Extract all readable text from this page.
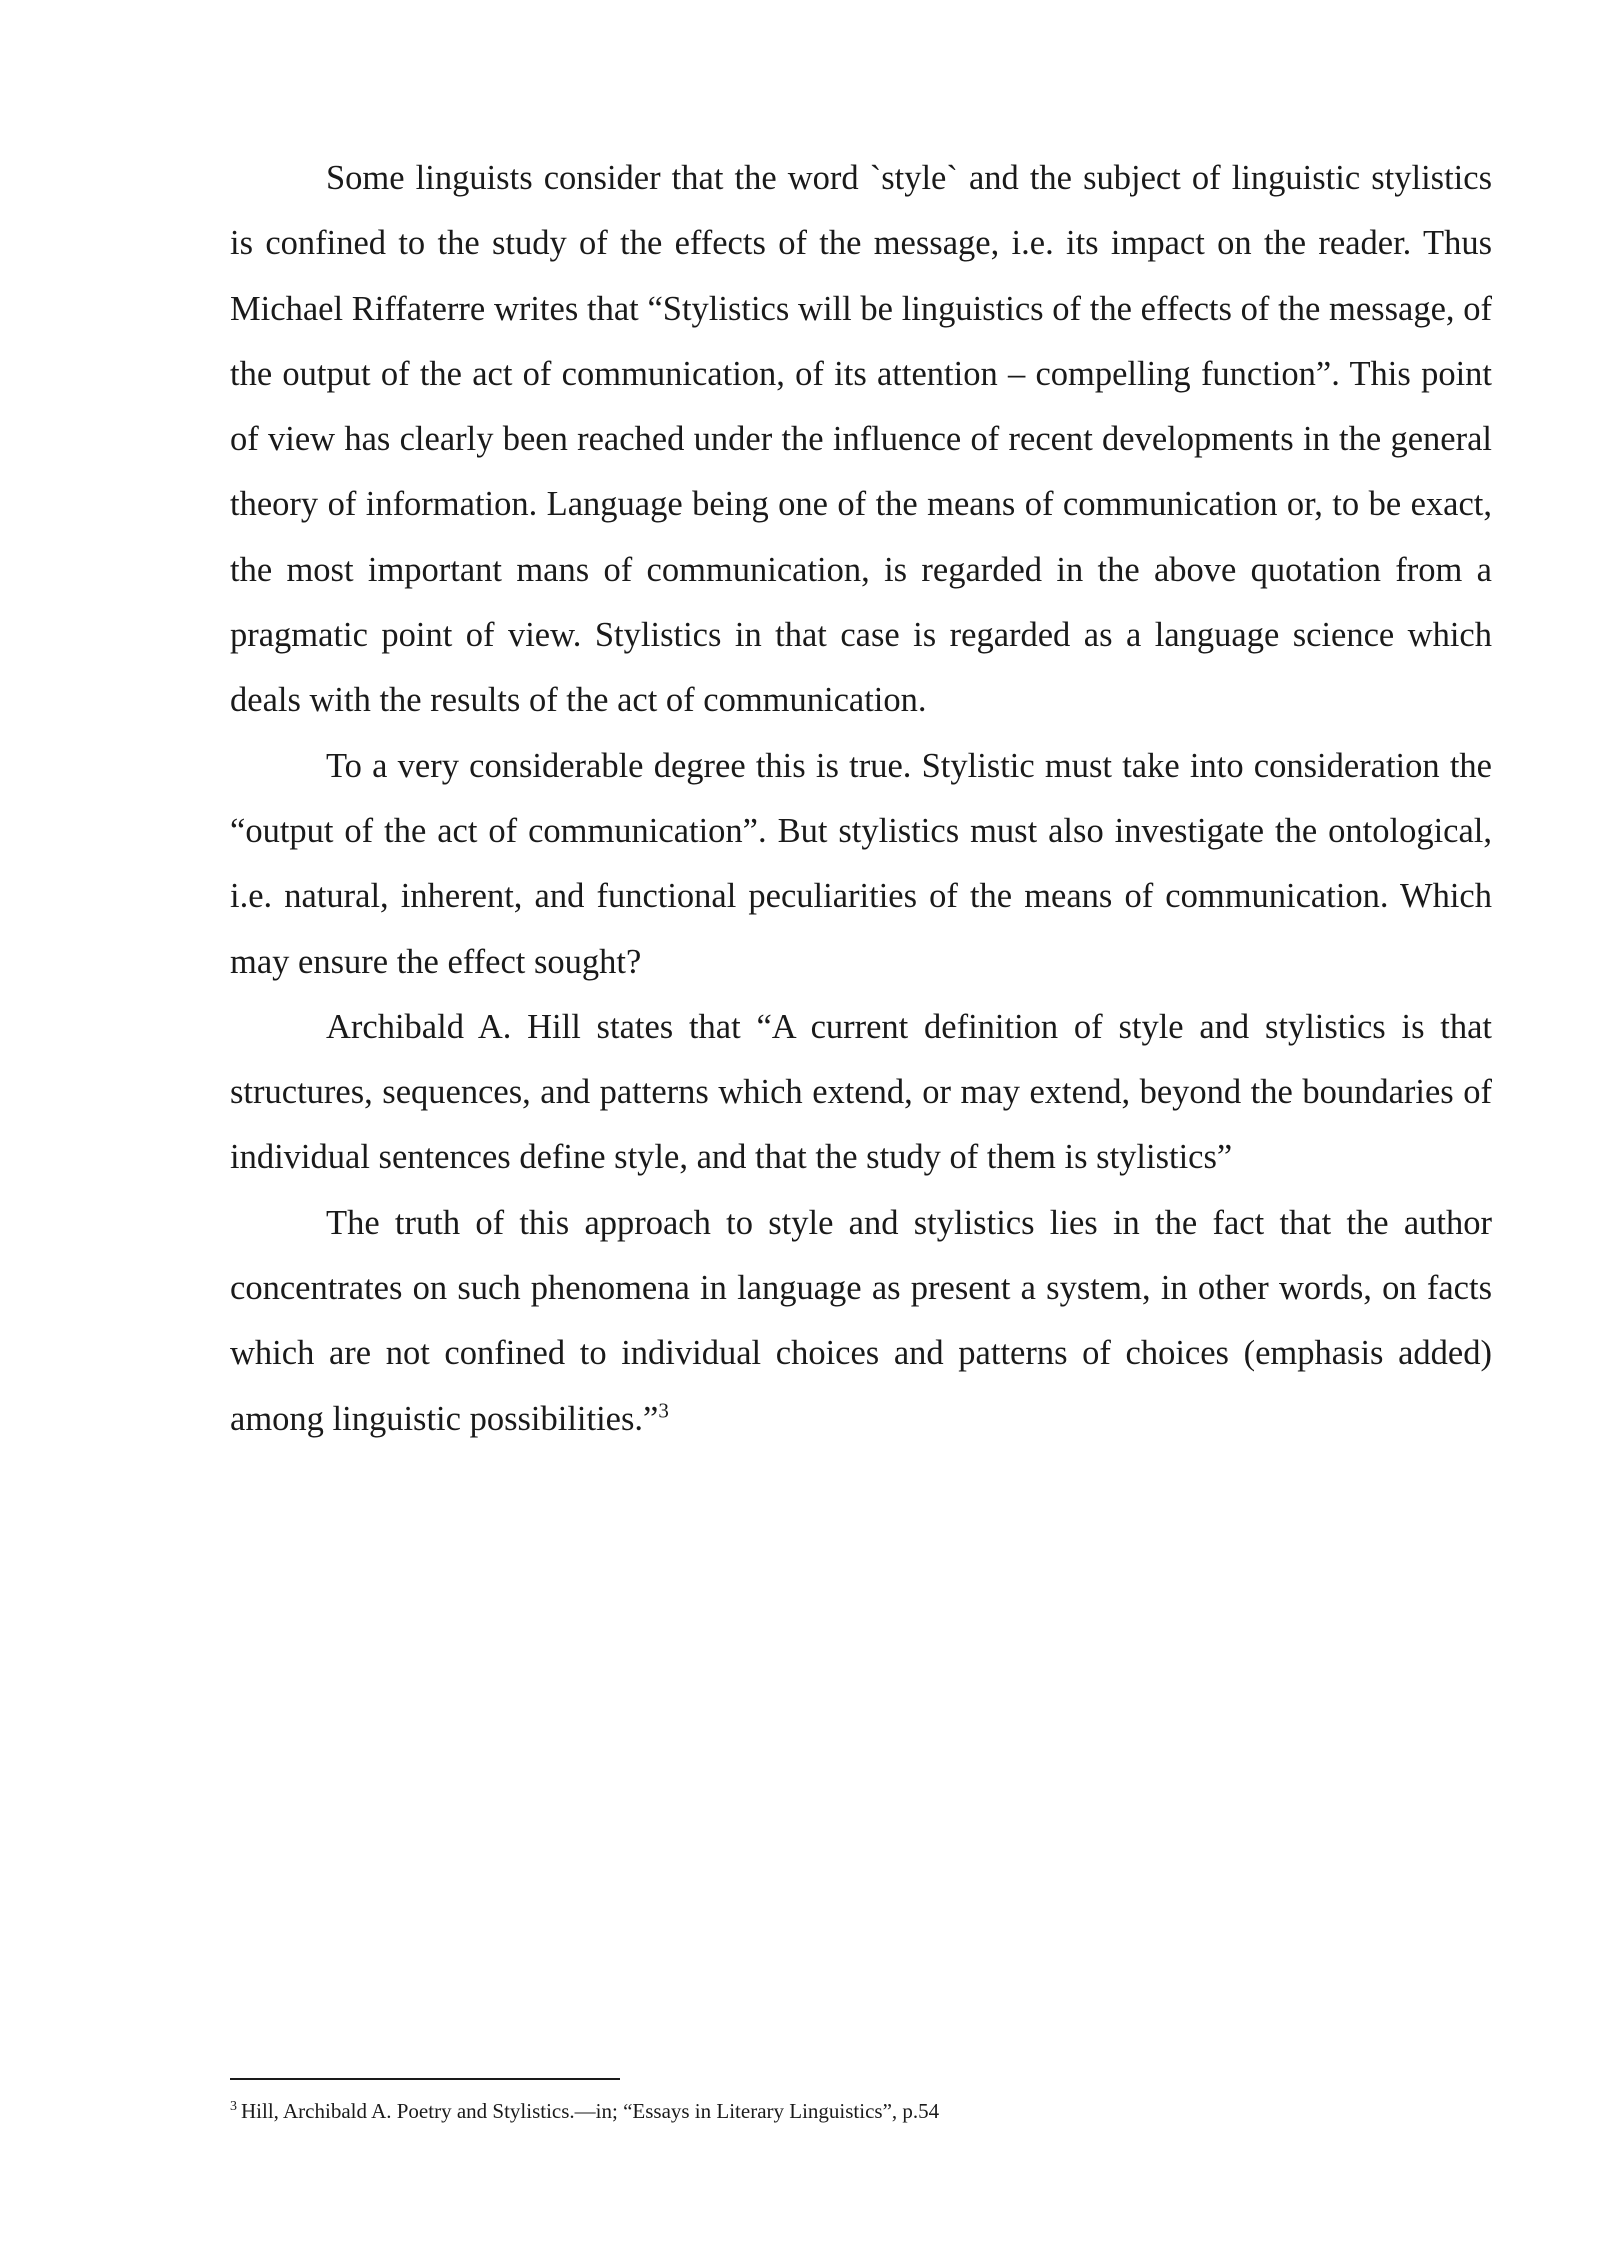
Some linguists consider that the word `style` and the subject of linguistic stylistics is confined to the study of the effects of the message, i.e. its impact on the reader. Thus Michael Riffaterre writes that “Stylistics will be linguistics of the effects of the message, of the output of the act of communication, of its attention – compelling function”. This point of view has clearly been reached under the influence of recent developments in the general theory of information. Language being one of the means of communication or, to be exact, the most important mans of communication, is regarded in the above quotation from a pragmatic point of view. Stylistics in that case is regarded as a language science which deals with the results of the act of communication.

To a very considerable degree this is true. Stylistic must take into consideration the “output of the act of communication”. But stylistics must also investigate the ontological, i.e. natural, inherent, and functional peculiarities of the means of communication. Which may ensure the effect sought?

Archibald A. Hill states that “A current definition of style and stylistics is that structures, sequences, and patterns which extend, or may extend, beyond the boundaries of individual sentences define style, and that the study of them is stylistics”

The truth of this approach to style and stylistics lies in the fact that the author concentrates on such phenomena in language as present a system, in other words, on facts which are not confined to individual choices and patterns of choices (emphasis added) among linguistic possibilities.”$^3$

$^3$ Hill, Archibald A. Poetry and Stylistics.—in; “Essays in Literary Linguistics”, p.54
